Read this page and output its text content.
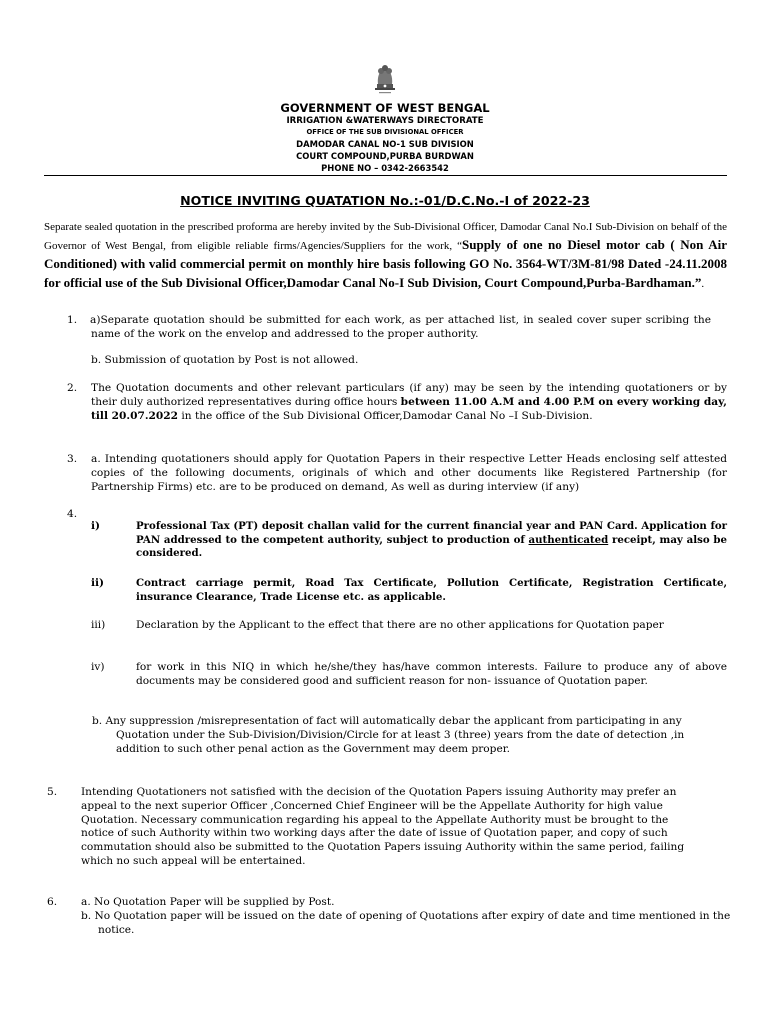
GOVERNMENT OF WEST BENGAL
IRRIGATION &WATERWAYS DIRECTORATE
OFFICE OF THE SUB DIVISIONAL OFFICER
DAMODAR CANAL NO-1 SUB DIVISION
COURT COMPOUND,PURBA BURDWAN
PHONE NO – 0342-2663542
NOTICE INVITING QUATATION No.:-01/D.C.No.-I of 2022-23
Separate sealed quotation in the prescribed proforma are hereby invited by the Sub-Divisional Officer, Damodar Canal No.I Sub-Division on behalf of the Governor of West Bengal, from eligible reliable firms/Agencies/Suppliers for the work, “Supply of one no Diesel motor cab ( Non Air Conditioned) with valid commercial permit on monthly hire basis following GO No. 3564-WT/3M-81/98 Dated -24.11.2008 for official use of the Sub Divisional Officer,Damodar Canal No-I Sub Division, Court Compound,Purba-Bardhaman.”.
1. a)Separate quotation should be submitted for each work, as per attached list, in sealed cover super scribing the name of the work on the envelop and addressed to the proper authority.
b. Submission of quotation by Post is not allowed.
2. The Quotation documents and other relevant particulars (if any) may be seen by the intending quotationers or by their duly authorized representatives during office hours between 11.00 A.M and 4.00 P.M on every working day, till 20.07.2022 in the office of the Sub Divisional Officer,Damodar Canal No –I Sub-Division.
3. a. Intending quotationers should apply for Quotation Papers in their respective Letter Heads enclosing self attested copies of the following documents, originals of which and other documents like Registered Partnership (for Partnership Firms) etc. are to be produced on demand, As well as during interview (if any)
4.
i)	Professional Tax (PT) deposit challan valid for the current financial year and PAN Card. Application for PAN addressed to the competent authority, subject to production of authenticated receipt, may also be considered.
ii)	Contract carriage permit, Road Tax Certificate, Pollution Certificate, Registration Certificate, insurance Clearance, Trade License etc. as applicable.
iii)	Declaration by the Applicant to the effect that there are no other applications for Quotation paper
iv)	for work in this NIQ in which he/she/they has/have common interests. Failure to produce any of above documents may be considered good and sufficient reason for non- issuance of Quotation paper.
b. Any suppression /misrepresentation of fact will automatically debar the applicant from participating in any Quotation under the Sub-Division/Division/Circle for at least 3 (three) years from the date of detection ,in addition to such other penal action as the Government may deem proper.
5. Intending Quotationers not satisfied with the decision of the Quotation Papers issuing Authority may prefer an appeal to the next superior Officer ,Concerned Chief Engineer will be the Appellate Authority for high value Quotation. Necessary communication regarding his appeal to the Appellate Authority must be brought to the notice of such Authority within two working days after the date of issue of Quotation paper, and copy of such commutation should also be submitted to the Quotation Papers issuing Authority within the same period, failing which no such appeal will be entertained.
6. a. No Quotation Paper will be supplied by Post.
b. No Quotation paper will be issued on the date of opening of Quotations after expiry of date and time mentioned in the notice.
